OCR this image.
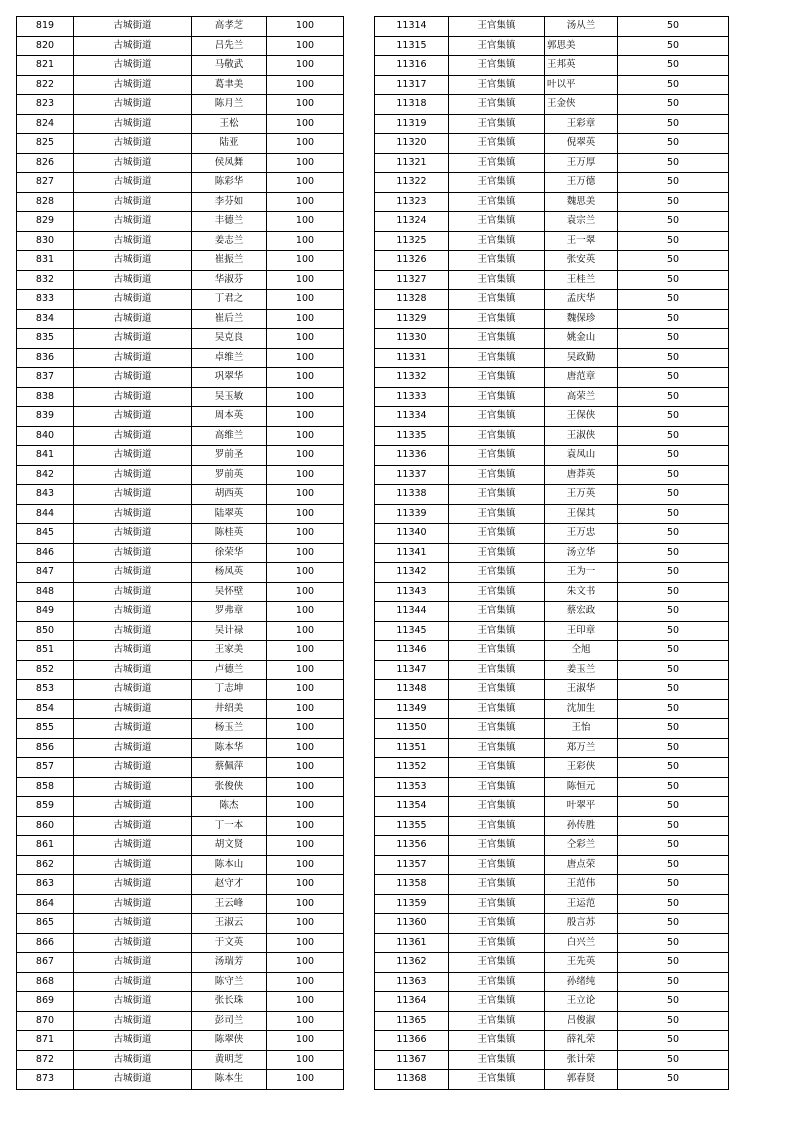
819	古城街道	高孝芝	100
820	古城街道	吕先兰	100
821	古城街道	马敬武	100
822	古城街道	葛聿美	100
823	古城街道	陈月兰	100
824	古城街道	王松	100
825	古城街道	陆亚	100
826	古城街道	侯凤舞	100
827	古城街道	陈彩华	100
828	古城街道	李芬如	100
829	古城街道	丰德兰	100
830	古城街道	姜志兰	100
831	古城街道	崔振兰	100
832	古城街道	华淑芬	100
833	古城街道	丁君之	100
834	古城街道	崔后兰	100
835	古城街道	吴克良	100
836	古城街道	卓维兰	100
837	古城街道	巩翠华	100
838	古城街道	吴玉敏	100
839	古城街道	周本英	100
840	古城街道	高维兰	100
841	古城街道	罗前圣	100
842	古城街道	罗前英	100
843	古城街道	胡西英	100
844	古城街道	陆翠英	100
845	古城街道	陈桂英	100
846	古城街道	徐荣华	100
847	古城街道	杨凤英	100
848	古城街道	吴怀壁	100
849	古城街道	罗弗章	100
850	古城街道	吴计禄	100
851	古城街道	王家美	100
852	古城街道	卢德兰	100
853	古城街道	丁志坤	100
854	古城街道	井绍美	100
855	古城街道	杨玉兰	100
856	古城街道	陈本华	100
857	古城街道	蔡佩萍	100
858	古城街道	张俊侠	100
859	古城街道	陈杰	100
860	古城街道	丁一本	100
861	古城街道	胡文贤	100
862	古城街道	陈本山	100
863	古城街道	赵守才	100
864	古城街道	王云峰	100
865	古城街道	王淑云	100
866	古城街道	于文英	100
867	古城街道	汤瑞芳	100
868	古城街道	陈守兰	100
869	古城街道	张长珠	100
870	古城街道	彭司兰	100
871	古城街道	陈翠侠	100
872	古城街道	黄明芝	100
873	古城街道	陈本生	100
11314	王官集镇	汤从兰	50
11315	王官集镇	郭思美	50
11316	王官集镇	王邦英	50
11317	王官集镇	叶以平	50
11318	王官集镇	王金侠	50
11319	王官集镇	王彩章	50
11320	王官集镇	倪翠英	50
11321	王官集镇	王万厚	50
11322	王官集镇	王万德	50
11323	王官集镇	魏思美	50
11324	王官集镇	袁宗兰	50
11325	王官集镇	王一翠	50
11326	王官集镇	张安英	50
11327	王官集镇	王桂兰	50
11328	王官集镇	孟庆华	50
11329	王官集镇	魏保珍	50
11330	王官集镇	姚金山	50
11331	王官集镇	吴政勤	50
11332	王官集镇	唐范章	50
11333	王官集镇	高荣兰	50
11334	王官集镇	王保侠	50
11335	王官集镇	王淑侠	50
11336	王官集镇	袁凤山	50
11337	王官集镇	唐莽英	50
11338	王官集镇	王万英	50
11339	王官集镇	王保其	50
11340	王官集镇	王万忠	50
11341	王官集镇	汤立华	50
11342	王官集镇	王为一	50
11343	王官集镇	朱文书	50
11344	王官集镇	蔡宏政	50
11345	王官集镇	王印章	50
11346	王官集镇	仝旭	50
11347	王官集镇	姜玉兰	50
11348	王官集镇	王淑华	50
11349	王官集镇	沈加生	50
11350	王官集镇	王怡	50
11351	王官集镇	郑万兰	50
11352	王官集镇	王彩侠	50
11353	王官集镇	陈恒元	50
11354	王官集镇	叶翠平	50
11355	王官集镇	孙传胜	50
11356	王官集镇	仝彩兰	50
11357	王官集镇	唐点荣	50
11358	王官集镇	王范伟	50
11359	王官集镇	王运范	50
11360	王官集镇	殷言苏	50
11361	王官集镇	白兴兰	50
11362	王官集镇	王先英	50
11363	王官集镇	孙绪纯	50
11364	王官集镇	王立论	50
11365	王官集镇	吕俊淑	50
11366	王官集镇	薛礼荣	50
11367	王官集镇	张计荣	50
11368	王官集镇	郭春贤	50
